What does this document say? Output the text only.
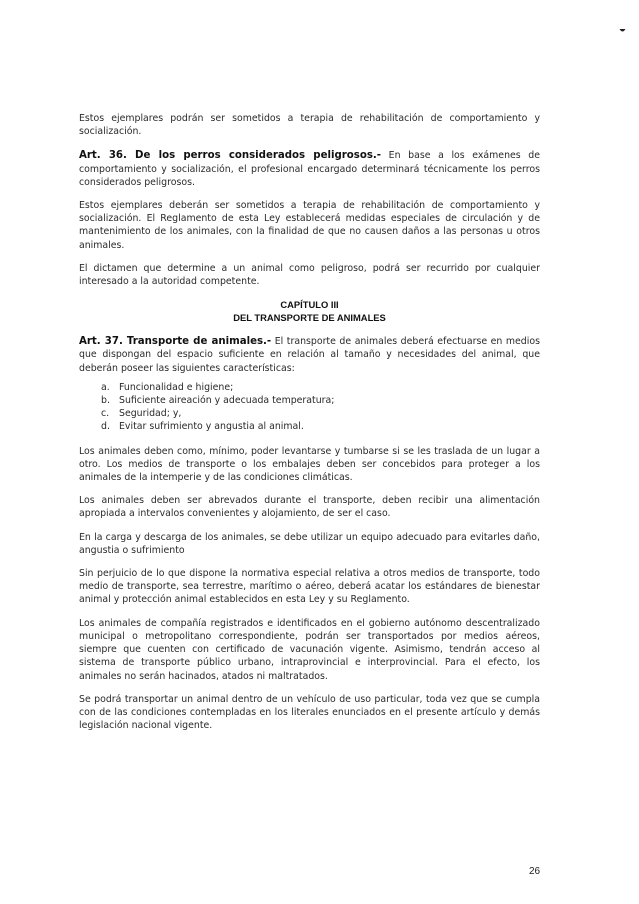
Estos ejemplares podrán ser sometidos a terapia de rehabilitación de comportamiento y socialización.

Art. 36. De los perros considerados peligrosos.- En base a los exámenes de comportamiento y socialización, el profesional encargado determinará técnicamente los perros considerados peligrosos.

Estos ejemplares deberán ser sometidos a terapia de rehabilitación de comportamiento y socialización. El Reglamento de esta Ley establecerá medidas especiales de circulación y de mantenimiento de los animales, con la finalidad de que no causen daños a las personas u otros animales.

El dictamen que determine a un animal como peligroso, podrá ser recurrido por cualquier interesado a la autoridad competente.

CAPÍTULO III
DEL TRANSPORTE DE ANIMALES

Art. 37. Transporte de animales.- El transporte de animales deberá efectuarse en medios que dispongan del espacio suficiente en relación al tamaño y necesidades del animal, que deberán poseer las siguientes características:

a. Funcionalidad e higiene;
b. Suficiente aireación y adecuada temperatura;
c.	Seguridad; y,
d. Evitar sufrimiento y angustia al animal.

Los animales deben como, mínimo, poder levantarse y tumbarse si se les traslada de un lugar a otro. Los medios de transporte o los embalajes deben ser concebidos para proteger a los animales de la intemperie y de las condiciones climáticas.

Los animales deben ser abrevados durante el transporte, deben recibir una alimentación apropiada a intervalos convenientes y alojamiento, de ser el caso.

En la carga y descarga de los animales, se debe utilizar un equipo adecuado para evitarles daño, angustia o sufrimiento

Sin perjuicio de lo que dispone la normativa especial relativa a otros medios de transporte, todo medio de transporte, sea terrestre, marítimo o aéreo, deberá acatar los estándares de bienestar animal y protección animal establecidos en esta Ley y su Reglamento.

Los animales de compañía registrados e identificados en el gobierno autónomo descentralizado municipal o metropolitano correspondiente, podrán ser transportados por medios aéreos, siempre que cuenten con certificado de vacunación vigente. Asimismo, tendrán acceso al sistema de transporte público urbano, intraprovincial e interprovincial. Para el efecto, los animales no serán hacinados, atados ni maltratados.

Se podrá transportar un animal dentro de un vehículo de uso particular, toda vez que se cumpla con de las condiciones contempladas en los literales enunciados en el presente artículo y demás legislación nacional vigente.

26
